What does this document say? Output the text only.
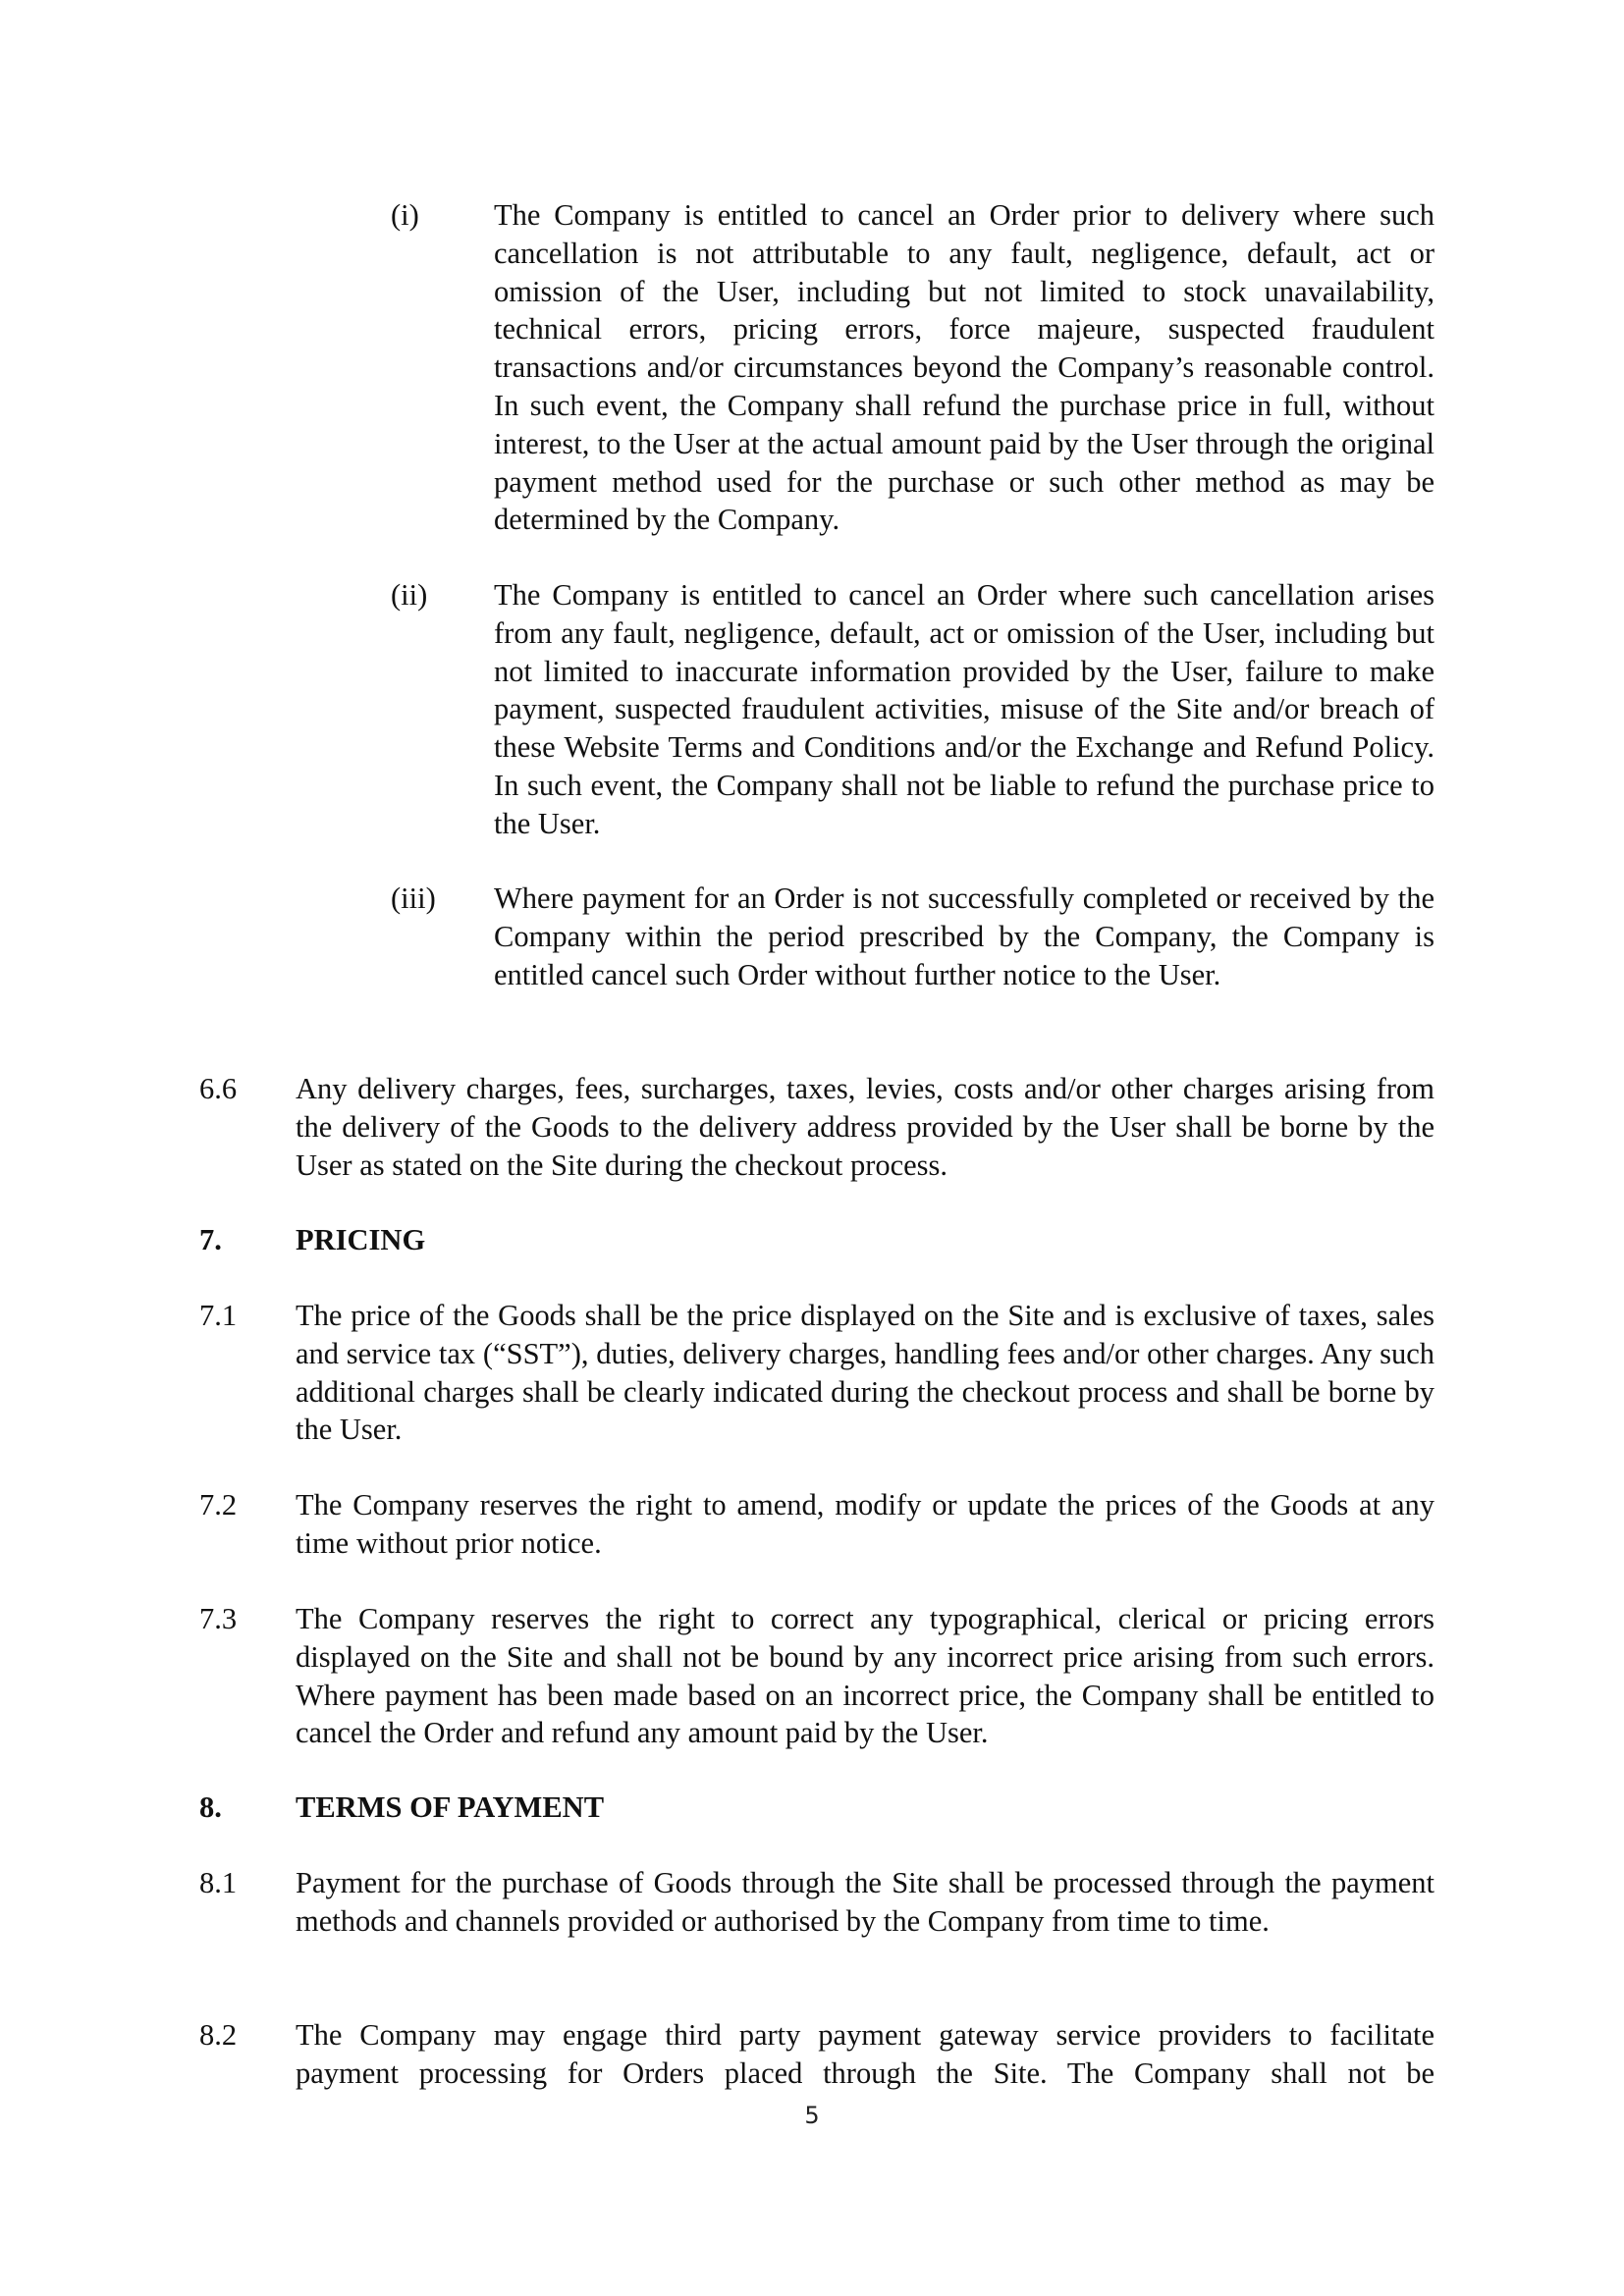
(i) The Company is entitled to cancel an Order prior to delivery where such cancellation is not attributable to any fault, negligence, default, act or omission of the User, including but not limited to stock unavailability, technical errors, pricing errors, force majeure, suspected fraudulent transactions and/or circumstances beyond the Company’s reasonable control. In such event, the Company shall refund the purchase price in full, without interest, to the User at the actual amount paid by the User through the original payment method used for the purchase or such other method as may be determined by the Company.
(ii) The Company is entitled to cancel an Order where such cancellation arises from any fault, negligence, default, act or omission of the User, including but not limited to inaccurate information provided by the User, failure to make payment, suspected fraudulent activities, misuse of the Site and/or breach of these Website Terms and Conditions and/or the Exchange and Refund Policy. In such event, the Company shall not be liable to refund the purchase price to the User.
(iii) Where payment for an Order is not successfully completed or received by the Company within the period prescribed by the Company, the Company is entitled cancel such Order without further notice to the User.
6.6 Any delivery charges, fees, surcharges, taxes, levies, costs and/or other charges arising from the delivery of the Goods to the delivery address provided by the User shall be borne by the User as stated on the Site during the checkout process.
7. PRICING
7.1 The price of the Goods shall be the price displayed on the Site and is exclusive of taxes, sales and service tax (“SST”), duties, delivery charges, handling fees and/or other charges. Any such additional charges shall be clearly indicated during the checkout process and shall be borne by the User.
7.2 The Company reserves the right to amend, modify or update the prices of the Goods at any time without prior notice.
7.3 The Company reserves the right to correct any typographical, clerical or pricing errors displayed on the Site and shall not be bound by any incorrect price arising from such errors. Where payment has been made based on an incorrect price, the Company shall be entitled to cancel the Order and refund any amount paid by the User.
8. TERMS OF PAYMENT
8.1 Payment for the purchase of Goods through the Site shall be processed through the payment methods and channels provided or authorised by the Company from time to time.
8.2 The Company may engage third party payment gateway service providers to facilitate payment processing for Orders placed through the Site. The Company shall not be
5
